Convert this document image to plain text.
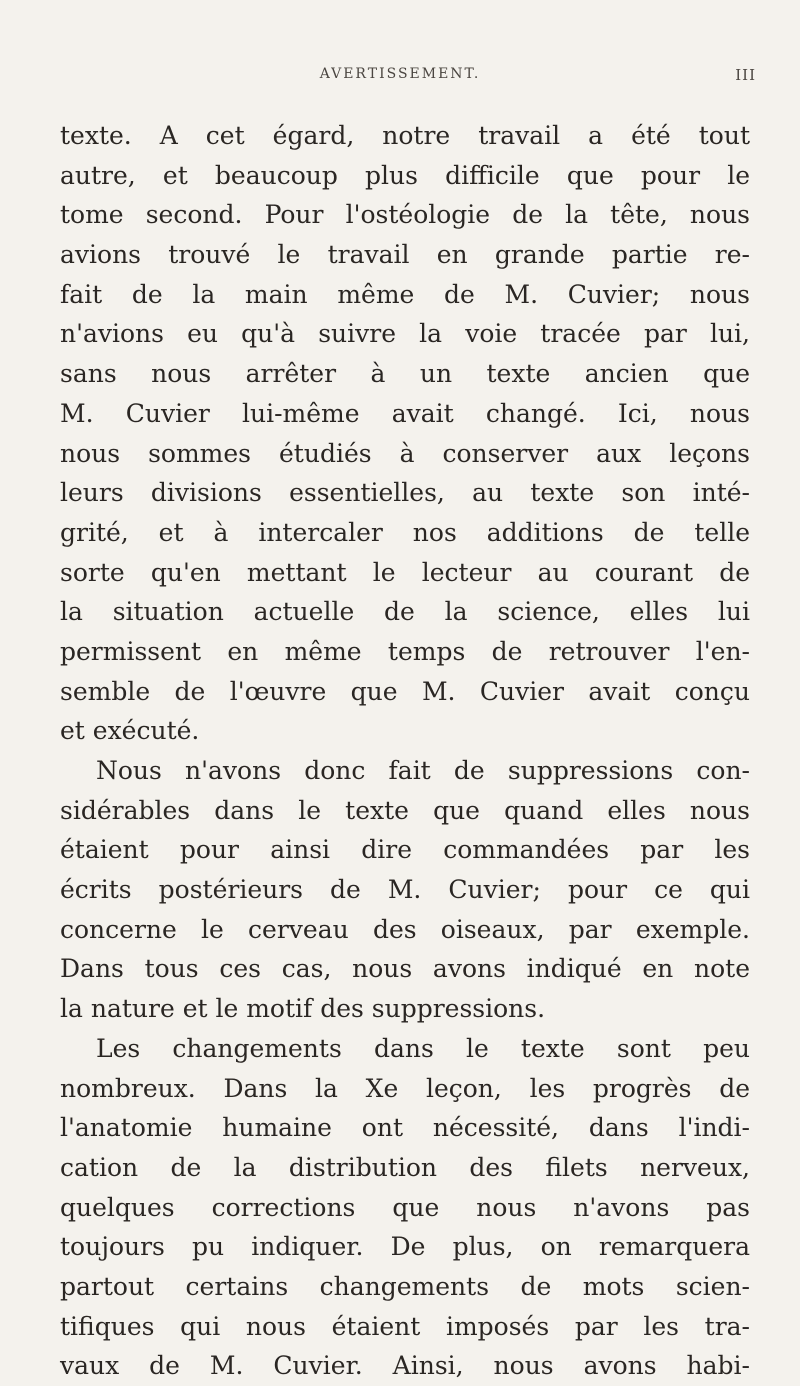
AVERTISSEMENT.	III
texte. A cet égard, notre travail a été tout
autre, et beaucoup plus difficile que pour le
tome second. Pour l'ostéologie de la tête, nous
avions trouvé le travail en grande partie re-
fait de la main même de M. Cuvier; nous
n'avions eu qu'à suivre la voie tracée par lui,
sans nous arrêter à un texte ancien que
M. Cuvier lui-même avait changé. Ici, nous
nous sommes étudiés à conserver aux leçons
leurs divisions essentielles, au texte son inté-
grité, et à intercaler nos additions de telle
sorte qu'en mettant le lecteur au courant de
la situation actuelle de la science, elles lui
permissent en même temps de retrouver l'en-
semble de l'œuvre que M. Cuvier avait conçu
et exécuté.
Nous n'avons donc fait de suppressions con-
sidérables dans le texte que quand elles nous
étaient pour ainsi dire commandées par les
écrits postérieurs de M. Cuvier; pour ce qui
concerne le cerveau des oiseaux, par exemple.
Dans tous ces cas, nous avons indiqué en note
la nature et le motif des suppressions.
Les changements dans le texte sont peu
nombreux. Dans la Xe leçon, les progrès de
l'anatomie humaine ont nécessité, dans l'indi-
cation de la distribution des filets nerveux,
quelques corrections que nous n'avons pas
toujours pu indiquer. De plus, on remarquera
partout certains changements de mots scien-
tifiques qui nous étaient imposés par les tra-
vaux de M. Cuvier. Ainsi, nous avons habi-
